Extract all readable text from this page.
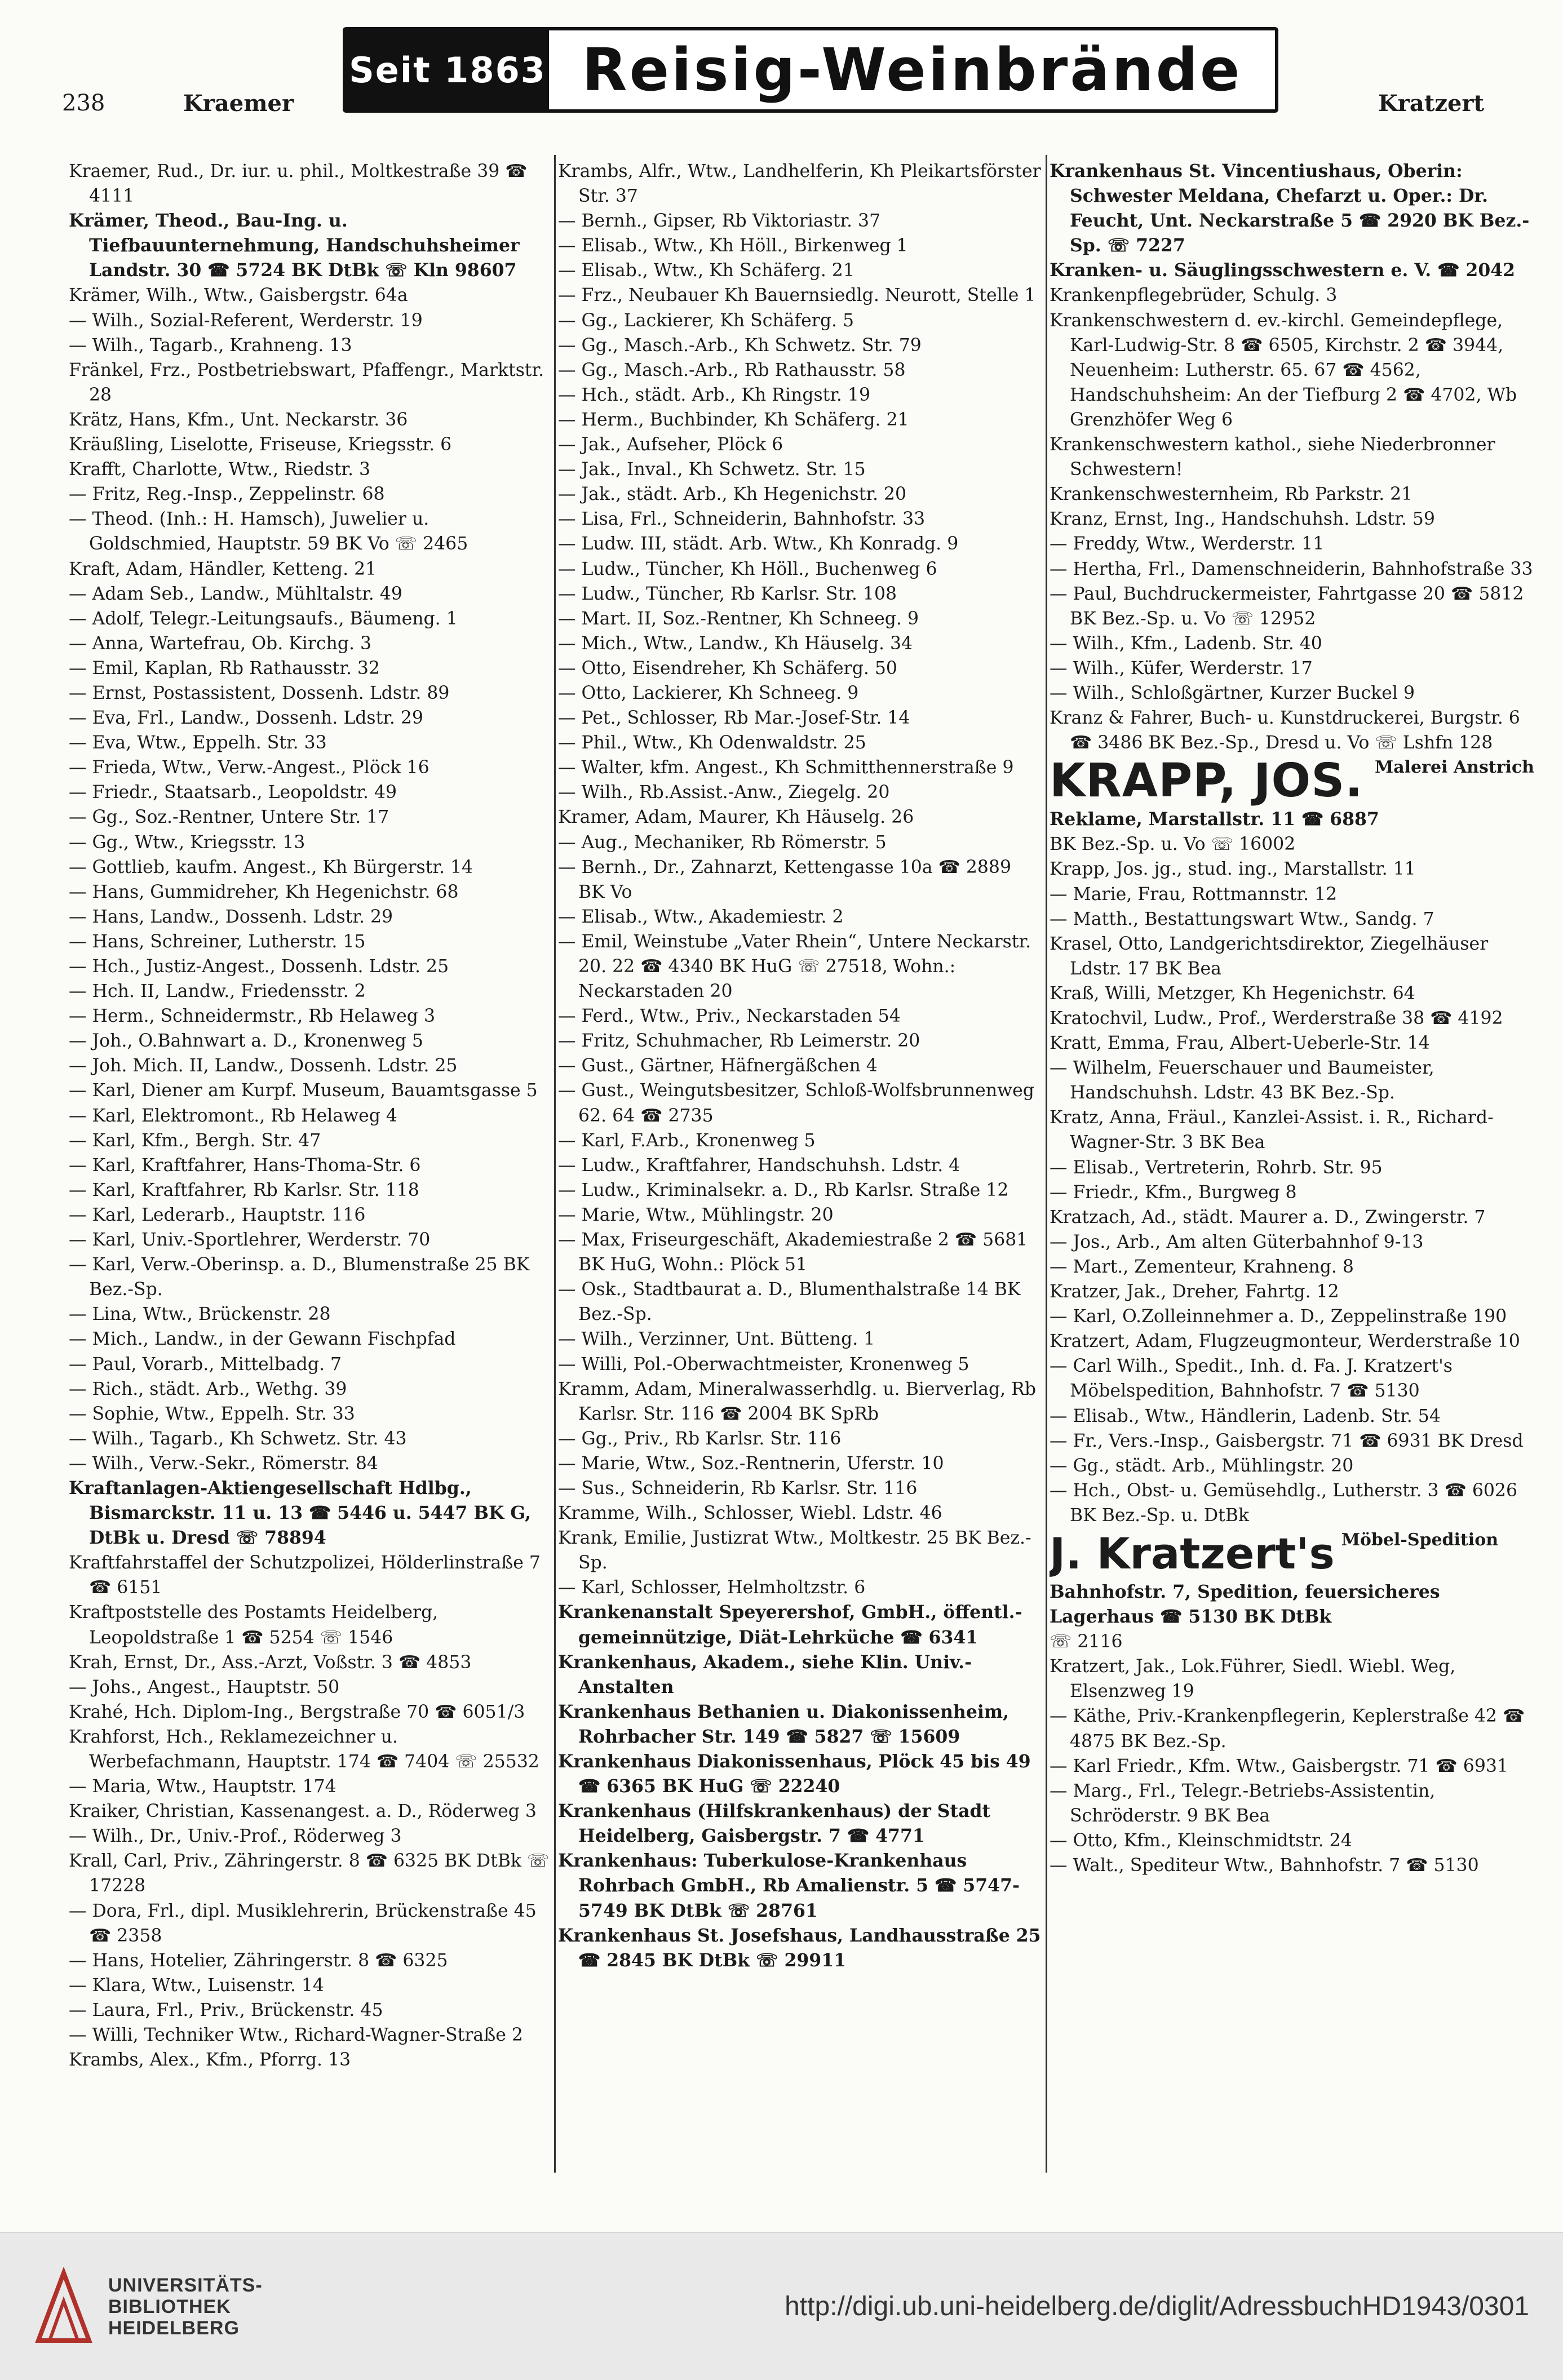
Seit 1863 Reisig-Weinbrände
238	Kraemer	Kratzert
Kraemer, Rud., Dr. iur. u. phil., Moltkestraße 39 ☎ 4111
Krämer, Theod., Bau-Ing. u. Tiefbauunternehmung, Handschuhsheimer Landstr. 30 ☎ 5724 BK DtBk ☏ Kln 98607
Krämer, Wilh., Wtw., Gaisbergstr. 64a
— Wilh., Sozial-Referent, Werderstr. 19
— Wilh., Tagarb., Krahneng. 13
Fränkel, Frz., Postbetriebswart, Pfaffengr., Marktstr. 28
Krätz, Hans, Kfm., Unt. Neckarstr. 36
Kräußling, Liselotte, Friseuse, Kriegsstr. 6
Krafft, Charlotte, Wtw., Riedstr. 3
— Fritz, Reg.-Insp., Zeppelinstr. 68
— Theod. (Inh.: H. Hamsch), Juwelier u. Goldschmied, Hauptstr. 59 BK Vo ☏ 2465
Kraft, Adam, Händler, Ketteng. 21
— Adam Seb., Landw., Mühltalstr. 49
— Adolf, Telegr.-Leitungsaufs., Bäumeng. 1
— Anna, Wartefrau, Ob. Kirchg. 3
— Emil, Kaplan, Rb Rathausstr. 32
— Ernst, Postassistent, Dossenh. Ldstr. 89
— Eva, Frl., Landw., Dossenh. Ldstr. 29
— Eva, Wtw., Eppelh. Str. 33
— Frieda, Wtw., Verw.-Angest., Plöck 16
— Friedr., Staatsarb., Leopoldstr. 49
— Gg., Soz.-Rentner, Untere Str. 17
— Gg., Wtw., Kriegsstr. 13
— Gottlieb, kaufm. Angest., Kh Bürgerstr. 14
— Hans, Gummidreher, Kh Hegenichstr. 68
— Hans, Landw., Dossenh. Ldstr. 29
— Hans, Schreiner, Lutherstr. 15
— Hch., Justiz-Angest., Dossenh. Ldstr. 25
— Hch. II, Landw., Friedensstr. 2
— Herm., Schneidermstr., Rb Helaweg 3
— Joh., O.Bahnwart a. D., Kronenweg 5
— Joh. Mich. II, Landw., Dossenh. Ldstr. 25
— Karl, Diener am Kurpf. Museum, Bauamtsgasse 5
— Karl, Elektromont., Rb Helaweg 4
— Karl, Kfm., Bergh. Str. 47
— Karl, Kraftfahrer, Hans-Thoma-Str. 6
— Karl, Kraftfahrer, Rb Karlsr. Str. 118
— Karl, Lederarb., Hauptstr. 116
— Karl, Univ.-Sportlehrer, Werderstr. 70
— Karl, Verw.-Oberinsp. a. D., Blumenstraße 25 BK Bez.-Sp.
— Lina, Wtw., Brückenstr. 28
— Mich., Landw., in der Gewann Fischpfad
— Paul, Vorarb., Mittelbadg. 7
— Rich., städt. Arb., Wethg. 39
— Sophie, Wtw., Eppelh. Str. 33
— Wilh., Tagarb., Kh Schwetz. Str. 43
— Wilh., Verw.-Sekr., Römerstr. 84
Kraftanlagen-Aktiengesellschaft Hdlbg., Bismarckstr. 11 u. 13 ☎ 5446 u. 5447 BK G, DtBk u. Dresd ☏ 78894
Kraftfahrstaffel der Schutzpolizei, Hölderlinstraße 7 ☎ 6151
Kraftpoststelle des Postamts Heidelberg, Leopoldstraße 1 ☎ 5254 ☏ 1546
Krah, Ernst, Dr., Ass.-Arzt, Voßstr. 3 ☎ 4853
— Johs., Angest., Hauptstr. 50
Krahé, Hch. Diplom-Ing., Bergstraße 70 ☎ 6051/3
Krahforst, Hch., Reklamezeichner u. Werbefachmann, Hauptstr. 174 ☎ 7404 ☏ 25532
— Maria, Wtw., Hauptstr. 174
Kraiker, Christian, Kassenangest. a. D., Röderweg 3
— Wilh., Dr., Univ.-Prof., Röderweg 3
Krall, Carl, Priv., Zähringerstr. 8 ☎ 6325 BK DtBk ☏ 17228
— Dora, Frl., dipl. Musiklehrerin, Brückenstraße 45 ☎ 2358
— Hans, Hotelier, Zähringerstr. 8 ☎ 6325
— Klara, Wtw., Luisenstr. 14
— Laura, Frl., Priv., Brückenstr. 45
— Willi, Techniker Wtw., Richard-Wagner-Straße 2
Krambs, Alex., Kfm., Pforrg. 13
Krambs, Alfr., Wtw., Landhelferin, Kh Pleikartsförster Str. 37
— Bernh., Gipser, Rb Viktoriastr. 37
— Elisab., Wtw., Kh Höll., Birkenweg 1
— Elisab., Wtw., Kh Schäferg. 21
— Frz., Neubauer Kh Bauernsiedlg. Neurott, Stelle 1
— Gg., Lackierer, Kh Schäferg. 5
— Gg., Masch.-Arb., Kh Schwetz. Str. 79
— Gg., Masch.-Arb., Rb Rathausstr. 58
— Hch., städt. Arb., Kh Ringstr. 19
— Herm., Buchbinder, Kh Schäferg. 21
— Jak., Aufseher, Plöck 6
— Jak., Inval., Kh Schwetz. Str. 15
— Jak., städt. Arb., Kh Hegenichstr. 20
— Lisa, Frl., Schneiderin, Bahnhofstr. 33
— Ludw. III, städt. Arb. Wtw., Kh Konradg. 9
— Ludw., Tüncher, Kh Höll., Buchenweg 6
— Ludw., Tüncher, Rb Karlsr. Str. 108
— Mart. II, Soz.-Rentner, Kh Schneeg. 9
— Mich., Wtw., Landw., Kh Häuselg. 34
— Otto, Eisendreher, Kh Schäferg. 50
— Otto, Lackierer, Kh Schneeg. 9
— Pet., Schlosser, Rb Mar.-Josef-Str. 14
— Phil., Wtw., Kh Odenwaldstr. 25
— Walter, kfm. Angest., Kh Schmitthennerstraße 9
— Wilh., Rb.Assist.-Anw., Ziegelg. 20
Kramer, Adam, Maurer, Kh Häuselg. 26
— Aug., Mechaniker, Rb Römerstr. 5
— Bernh., Dr., Zahnarzt, Kettengasse 10a ☎ 2889 BK Vo
— Elisab., Wtw., Akademiestr. 2
— Emil, Weinstube „Vater Rhein“, Untere Neckarstr. 20. 22 ☎ 4340 BK HuG ☏ 27518, Wohn.: Neckarstaden 20
— Ferd., Wtw., Priv., Neckarstaden 54
— Fritz, Schuhmacher, Rb Leimerstr. 20
— Gust., Gärtner, Häfnergäßchen 4
— Gust., Weingutsbesitzer, Schloß-Wolfsbrunnenweg 62. 64 ☎ 2735
— Karl, F.Arb., Kronenweg 5
— Ludw., Kraftfahrer, Handschuhsh. Ldstr. 4
— Ludw., Kriminalsekr. a. D., Rb Karlsr. Straße 12
— Marie, Wtw., Mühlingstr. 20
— Max, Friseurgeschäft, Akademiestraße 2 ☎ 5681 BK HuG, Wohn.: Plöck 51
— Osk., Stadtbaurat a. D., Blumenthalstraße 14 BK Bez.-Sp.
— Wilh., Verzinner, Unt. Bütteng. 1
— Willi, Pol.-Oberwachtmeister, Kronenweg 5
Kramm, Adam, Mineralwasserhdlg. u. Bierverlag, Rb Karlsr. Str. 116 ☎ 2004 BK SpRb
— Gg., Priv., Rb Karlsr. Str. 116
— Marie, Wtw., Soz.-Rentnerin, Uferstr. 10
— Sus., Schneiderin, Rb Karlsr. Str. 116
Kramme, Wilh., Schlosser, Wiebl. Ldstr. 46
Krank, Emilie, Justizrat Wtw., Moltkestr. 25 BK Bez.-Sp.
— Karl, Schlosser, Helmholtzstr. 6
Krankenanstalt Speyerershof, GmbH., öffentl.-gemeinnützige, Diät-Lehrküche ☎ 6341
Krankenhaus, Akadem., siehe Klin. Univ.-Anstalten
Krankenhaus Bethanien u. Diakonissenheim, Rohrbacher Str. 149 ☎ 5827 ☏ 15609
Krankenhaus Diakonissenhaus, Plöck 45 bis 49 ☎ 6365 BK HuG ☏ 22240
Krankenhaus (Hilfskrankenhaus) der Stadt Heidelberg, Gaisbergstr. 7 ☎ 4771
Krankenhaus: Tuberkulose-Krankenhaus Rohrbach GmbH., Rb Amalienstr. 5 ☎ 5747-5749 BK DtBk ☏ 28761
Krankenhaus St. Josefshaus, Landhausstraße 25 ☎ 2845 BK DtBk ☏ 29911
Krankenhaus St. Vincentiushaus, Oberin: Schwester Meldana, Chefarzt u. Oper.: Dr. Feucht, Unt. Neckarstraße 5 ☎ 2920 BK Bez.-Sp. ☏ 7227
Kranken- u. Säuglingsschwestern e. V. ☎ 2042
Krankenpflegebrüder, Schulg. 3
Krankenschwestern d. ev.-kirchl. Gemeindepflege, Karl-Ludwig-Str. 8 ☎ 6505, Kirchstr. 2 ☎ 3944, Neuenheim: Lutherstr. 65. 67 ☎ 4562, Handschuhsheim: An der Tiefburg 2 ☎ 4702, Wb Grenzhöfer Weg 6
Krankenschwestern kathol., siehe Niederbronner Schwestern!
Krankenschwesternheim, Rb Parkstr. 21
Kranz, Ernst, Ing., Handschuhsh. Ldstr. 59
— Freddy, Wtw., Werderstr. 11
— Hertha, Frl., Damenschneiderin, Bahnhofstraße 33
— Paul, Buchdruckermeister, Fahrtgasse 20 ☎ 5812 BK Bez.-Sp. u. Vo ☏ 12952
— Wilh., Kfm., Ladenb. Str. 40
— Wilh., Küfer, Werderstr. 17
— Wilh., Schloßgärtner, Kurzer Buckel 9
Kranz & Fahrer, Buch- u. Kunstdruckerei, Burgstr. 6 ☎ 3486 BK Bez.-Sp., Dresd u. Vo ☏ Lshfn 128
KRAPP, JOS. Malerei Anstrich
Reklame, Marstallstr. 11 ☎ 6887
BK Bez.-Sp. u. Vo ☏ 16002
Krapp, Jos. jg., stud. ing., Marstallstr. 11
— Marie, Frau, Rottmannstr. 12
— Matth., Bestattungswart Wtw., Sandg. 7
Krasel, Otto, Landgerichtsdirektor, Ziegelhäuser Ldstr. 17 BK Bea
Kraß, Willi, Metzger, Kh Hegenichstr. 64
Kratochvil, Ludw., Prof., Werderstraße 38 ☎ 4192
Kratt, Emma, Frau, Albert-Ueberle-Str. 14
— Wilhelm, Feuerschauer und Baumeister, Handschuhsh. Ldstr. 43 BK Bez.-Sp.
Kratz, Anna, Fräul., Kanzlei-Assist. i. R., Richard-Wagner-Str. 3 BK Bea
— Elisab., Vertreterin, Rohrb. Str. 95
— Friedr., Kfm., Burgweg 8
Kratzach, Ad., städt. Maurer a. D., Zwingerstr. 7
— Jos., Arb., Am alten Güterbahnhof 9-13
— Mart., Zementeur, Krahneng. 8
Kratzer, Jak., Dreher, Fahrtg. 12
— Karl, O.Zolleinnehmer a. D., Zeppelinstraße 190
Kratzert, Adam, Flugzeugmonteur, Werderstraße 10
— Carl Wilh., Spedit., Inh. d. Fa. J. Kratzert's Möbelspedition, Bahnhofstr. 7 ☎ 5130
— Elisab., Wtw., Händlerin, Ladenb. Str. 54
— Fr., Vers.-Insp., Gaisbergstr. 71 ☎ 6931 BK Dresd
— Gg., städt. Arb., Mühlingstr. 20
— Hch., Obst- u. Gemüsehdlg., Lutherstr. 3 ☎ 6026 BK Bez.-Sp. u. DtBk
J. Kratzert's Möbel-Spedition
Bahnhofstr. 7, Spedition, feuersicheres Lagerhaus ☎ 5130 BK DtBk
☏ 2116
Kratzert, Jak., Lok.Führer, Siedl. Wiebl. Weg, Elsenzweg 19
— Käthe, Priv.-Krankenpflegerin, Keplerstraße 42 ☎ 4875 BK Bez.-Sp.
— Karl Friedr., Kfm. Wtw., Gaisbergstr. 71 ☎ 6931
— Marg., Frl., Telegr.-Betriebs-Assistentin, Schröderstr. 9 BK Bea
— Otto, Kfm., Kleinschmidtstr. 24
— Walt., Spediteur Wtw., Bahnhofstr. 7 ☎ 5130
UNIVERSITÄTS-
BIBLIOTHEK
HEIDELBERG
http://digi.ub.uni-heidelberg.de/diglit/AdressbuchHD1943/0301
